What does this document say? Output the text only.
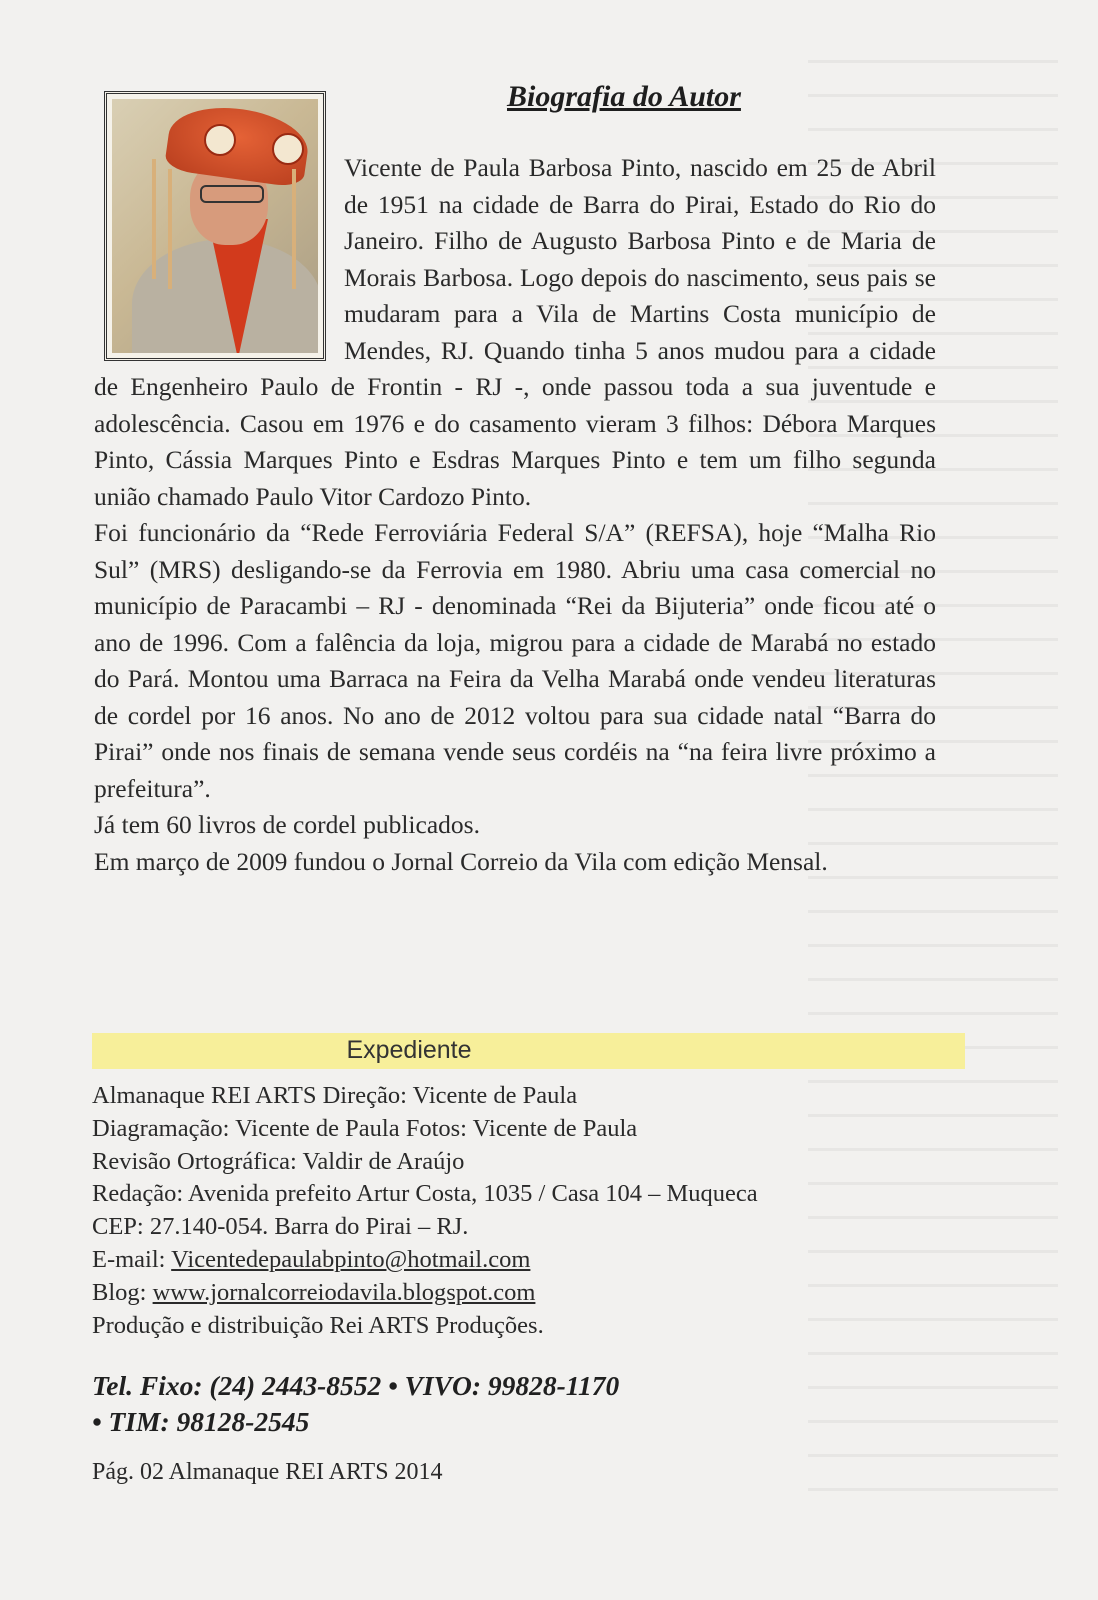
Biografia do Autor

Vicente de Paula Barbosa Pinto, nascido em 25 de Abril de 1951 na cidade de Barra do Pirai, Estado do Rio do Janeiro. Filho de Augusto Barbosa Pinto e de Maria de Morais Barbosa. Logo depois do nascimento, seus pais se mudaram para a Vila de Martins Costa município de Mendes, RJ. Quando tinha 5 anos mudou para a cidade de Engenheiro Paulo de Frontin - RJ -, onde passou toda a sua juventude e adolescência. Casou em 1976 e do casamento vieram 3 filhos: Débora Marques Pinto, Cássia Marques Pinto e Esdras Marques Pinto e tem um filho segunda união chamado Paulo Vitor Cardozo Pinto.

Foi funcionário da “Rede Ferroviária Federal S/A” (REFSA), hoje “Malha Rio Sul” (MRS) desligando-se da Ferrovia em 1980. Abriu uma casa comercial no município de Paracambi – RJ - denominada “Rei da Bijuteria” onde ficou até o ano de 1996. Com a falência da loja, migrou para a cidade de Marabá no estado do Pará. Montou uma Barraca na Feira da Velha Marabá onde vendeu literaturas de cordel por 16 anos. No ano de 2012 voltou para sua cidade natal “Barra do Pirai” onde nos finais de semana vende seus cordéis na “na feira livre próximo a prefeitura”.

Já tem 60 livros de cordel publicados.

Em março de 2009 fundou o Jornal Correio da Vila com edição Mensal.

Expediente
Almanaque REI ARTS Direção: Vicente de Paula
Diagramação: Vicente de Paula Fotos: Vicente de Paula
Revisão Ortográfica: Valdir de Araújo
Redação: Avenida prefeito Artur Costa, 1035 / Casa 104 – Muqueca
CEP: 27.140-054. Barra do Pirai – RJ.
E-mail: Vicentedepaulabpinto@hotmail.com
Blog: www.jornalcorreiodavila.blogspot.com
Produção e distribuição Rei ARTS Produções.
Tel. Fixo: (24) 2443-8552 • VIVO: 99828-1170
• TIM: 98128-2545
Pág. 02 Almanaque REI ARTS 2014
